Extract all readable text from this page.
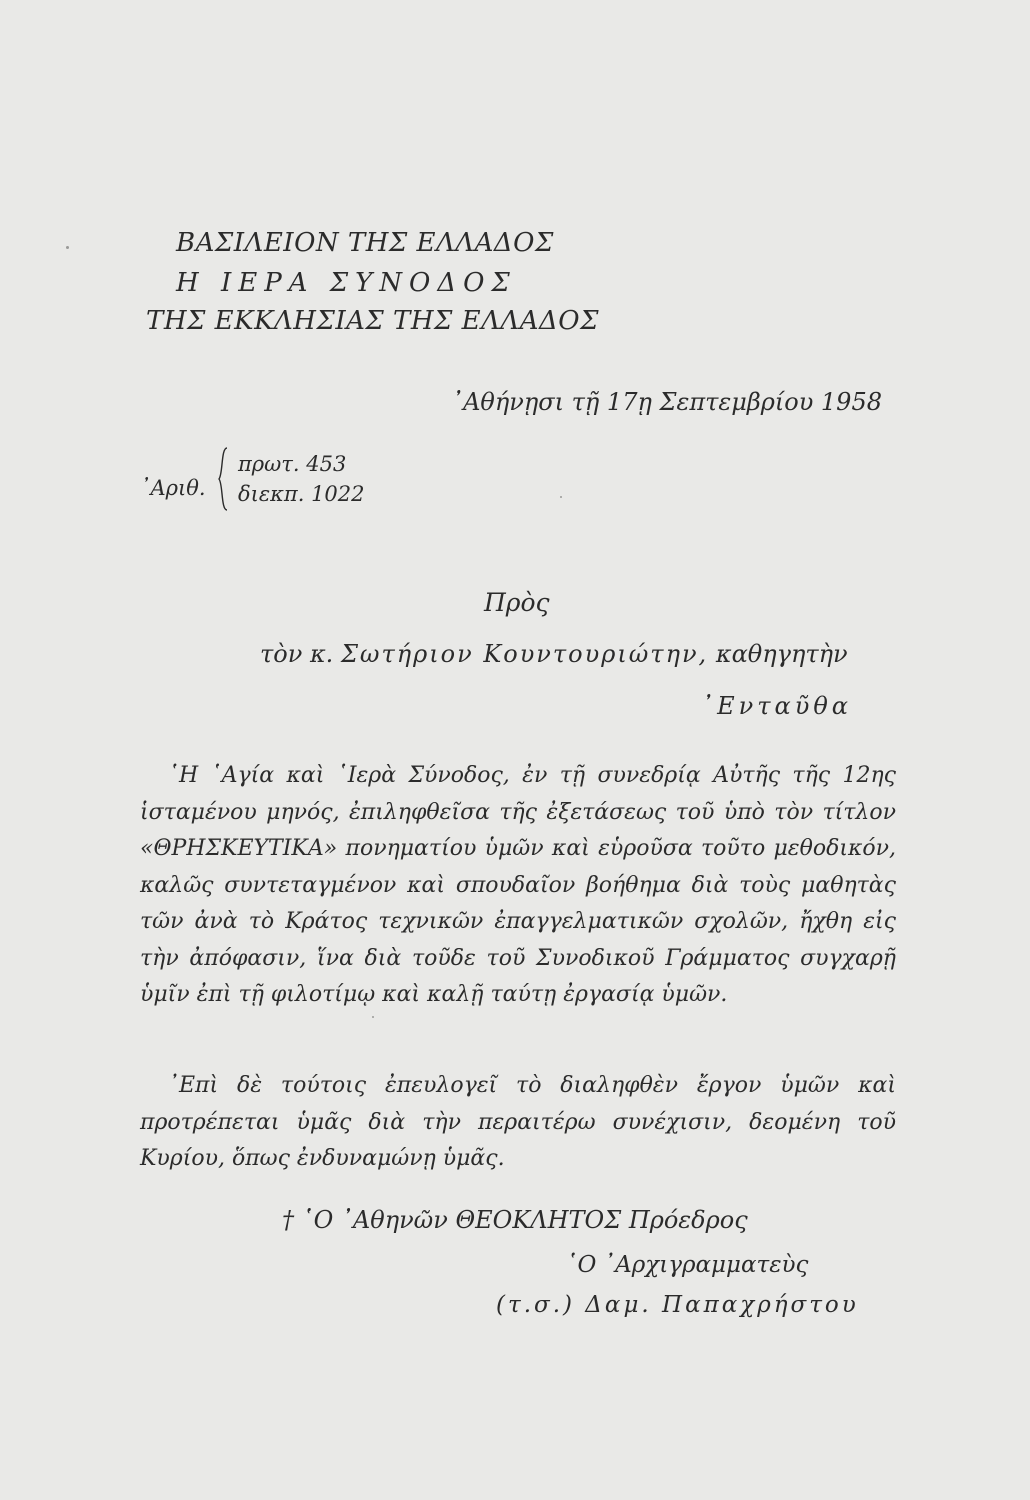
ΒΑΣΙΛΕΙΟΝ ΤΗΣ ΕΛΛΑΔΟΣ
Η ΙΕΡΑ ΣΥΝΟΔΟΣ
ΤΗΣ ΕΚΚΛΗΣΙΑΣ ΤΗΣ ΕΛΛΑΔΟΣ
᾿Αθήνῃσι τῇ 17ῃ Σεπτεμβρίου 1958
᾿Αριθ.
πρωτ. 453
διεκπ. 1022
Πρὸς
τὸν κ. Σωτήριον Κουντουριώτην, καθηγητὴν
᾿Ενταῦθα

῾Η ῾Αγία καὶ ῾Ιερὰ Σύνοδος, ἐν τῇ συνεδρίᾳ Αὐτῆς τῆς 12ης ἱσταμένου μηνός, ἐπιληφθεῖσα τῆς ἐξετάσεως τοῦ ὑπὸ τὸν τίτλον «ΘΡΗΣΚΕΥΤΙΚΑ» πονηματίου ὑμῶν καὶ εὑροῦσα τοῦτο μεθοδικόν, καλῶς συντεταγμένον καὶ σπουδαῖον βοήθημα διὰ τοὺς μαθητὰς τῶν ἀνὰ τὸ Κράτος τεχνικῶν ἐπαγγελματικῶν σχολῶν, ἤχθη εἰς τὴν ἀπόφασιν, ἵνα διὰ τοῦδε τοῦ Συνοδικοῦ Γράμματος συγχαρῇ ὑμῖν ἐπὶ τῇ φιλοτίμῳ καὶ καλῇ ταύτῃ ἐργασίᾳ ὑμῶν.

᾿Επὶ δὲ τούτοις ἐπευλογεῖ τὸ διαληφθὲν ἔργον ὑμῶν καὶ προτρέπεται ὑμᾶς διὰ τὴν περαιτέρω συνέχισιν, δεομένη τοῦ Κυρίου, ὅπως ἐνδυναμώνῃ ὑμᾶς.

† ῾Ο ᾿Αθηνῶν ΘΕΟΚΛΗΤΟΣ Πρόεδρος
῾Ο ᾿Αρχιγραμματεὺς
(τ.σ.) Δαμ. Παπαχρήστου
